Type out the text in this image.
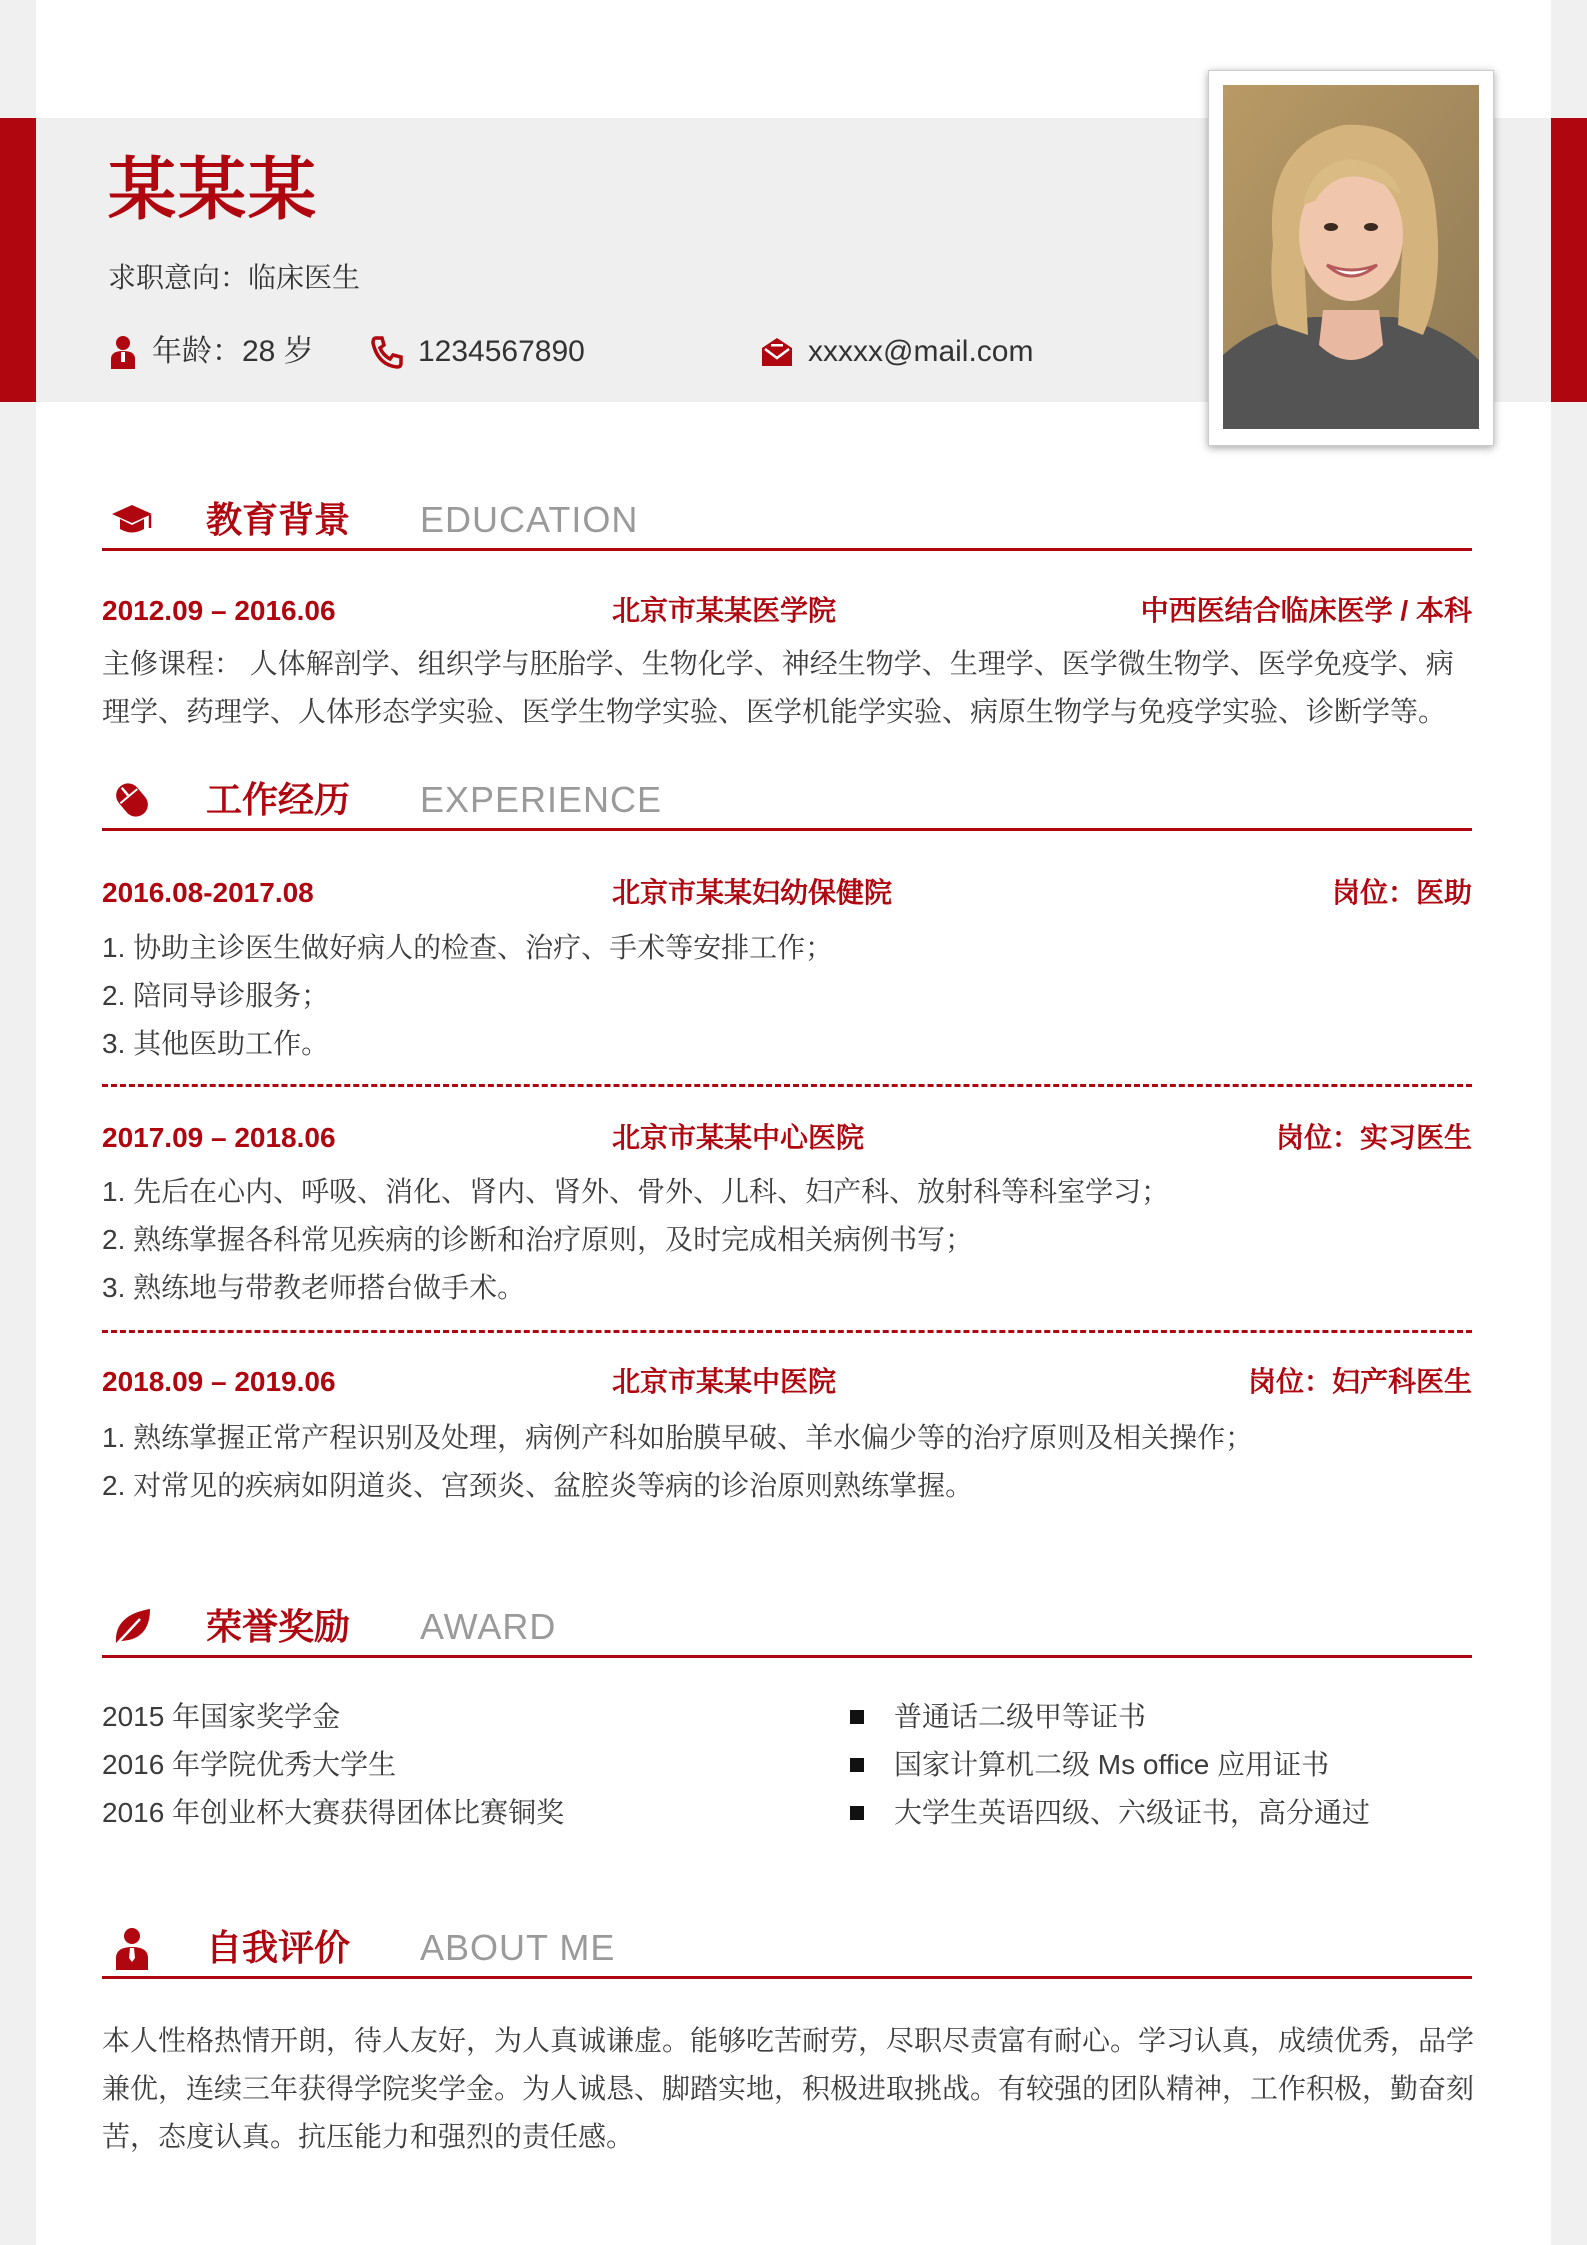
某某某
求职意向：临床医生
年龄：28 岁	1234567890	xxxxx@mail.com
教育背景 EDUCATION
2012.09 – 2016.06	北京市某某医学院	中西医结合临床医学 / 本科
主修课程： 人体解剖学、组织学与胚胎学、生物化学、神经生物学、生理学、医学微生物学、医学免疫学、病
理学、药理学、人体形态学实验、医学生物学实验、医学机能学实验、病原生物学与免疫学实验、诊断学等。
工作经历 EXPERIENCE
2016.08-2017.08	北京市某某妇幼保健院	岗位：医助
1. 协助主诊医生做好病人的检查、治疗、手术等安排工作；
2. 陪同导诊服务；
3. 其他医助工作。
2017.09 – 2018.06	北京市某某中心医院	岗位：实习医生
1. 先后在心内、呼吸、消化、肾内、肾外、骨外、儿科、妇产科、放射科等科室学习；
2. 熟练掌握各科常见疾病的诊断和治疗原则，及时完成相关病例书写；
3. 熟练地与带教老师搭台做手术。
2018.09 – 2019.06	北京市某某中医院	岗位：妇产科医生
1. 熟练掌握正常产程识别及处理，病例产科如胎膜早破、羊水偏少等的治疗原则及相关操作；
2. 对常见的疾病如阴道炎、宫颈炎、盆腔炎等病的诊治原则熟练掌握。
荣誉奖励 AWARD
2015 年国家奖学金
2016 年学院优秀大学生
2016 年创业杯大赛获得团体比赛铜奖
普通话二级甲等证书
国家计算机二级 Ms office 应用证书
大学生英语四级、六级证书，高分通过
自我评价 ABOUT ME
本人性格热情开朗，待人友好，为人真诚谦虚。能够吃苦耐劳，尽职尽责富有耐心。学习认真，成绩优秀，品学
兼优，连续三年获得学院奖学金。为人诚恳、脚踏实地，积极进取挑战。有较强的团队精神，工作积极，勤奋刻
苦，态度认真。抗压能力和强烈的责任感。
